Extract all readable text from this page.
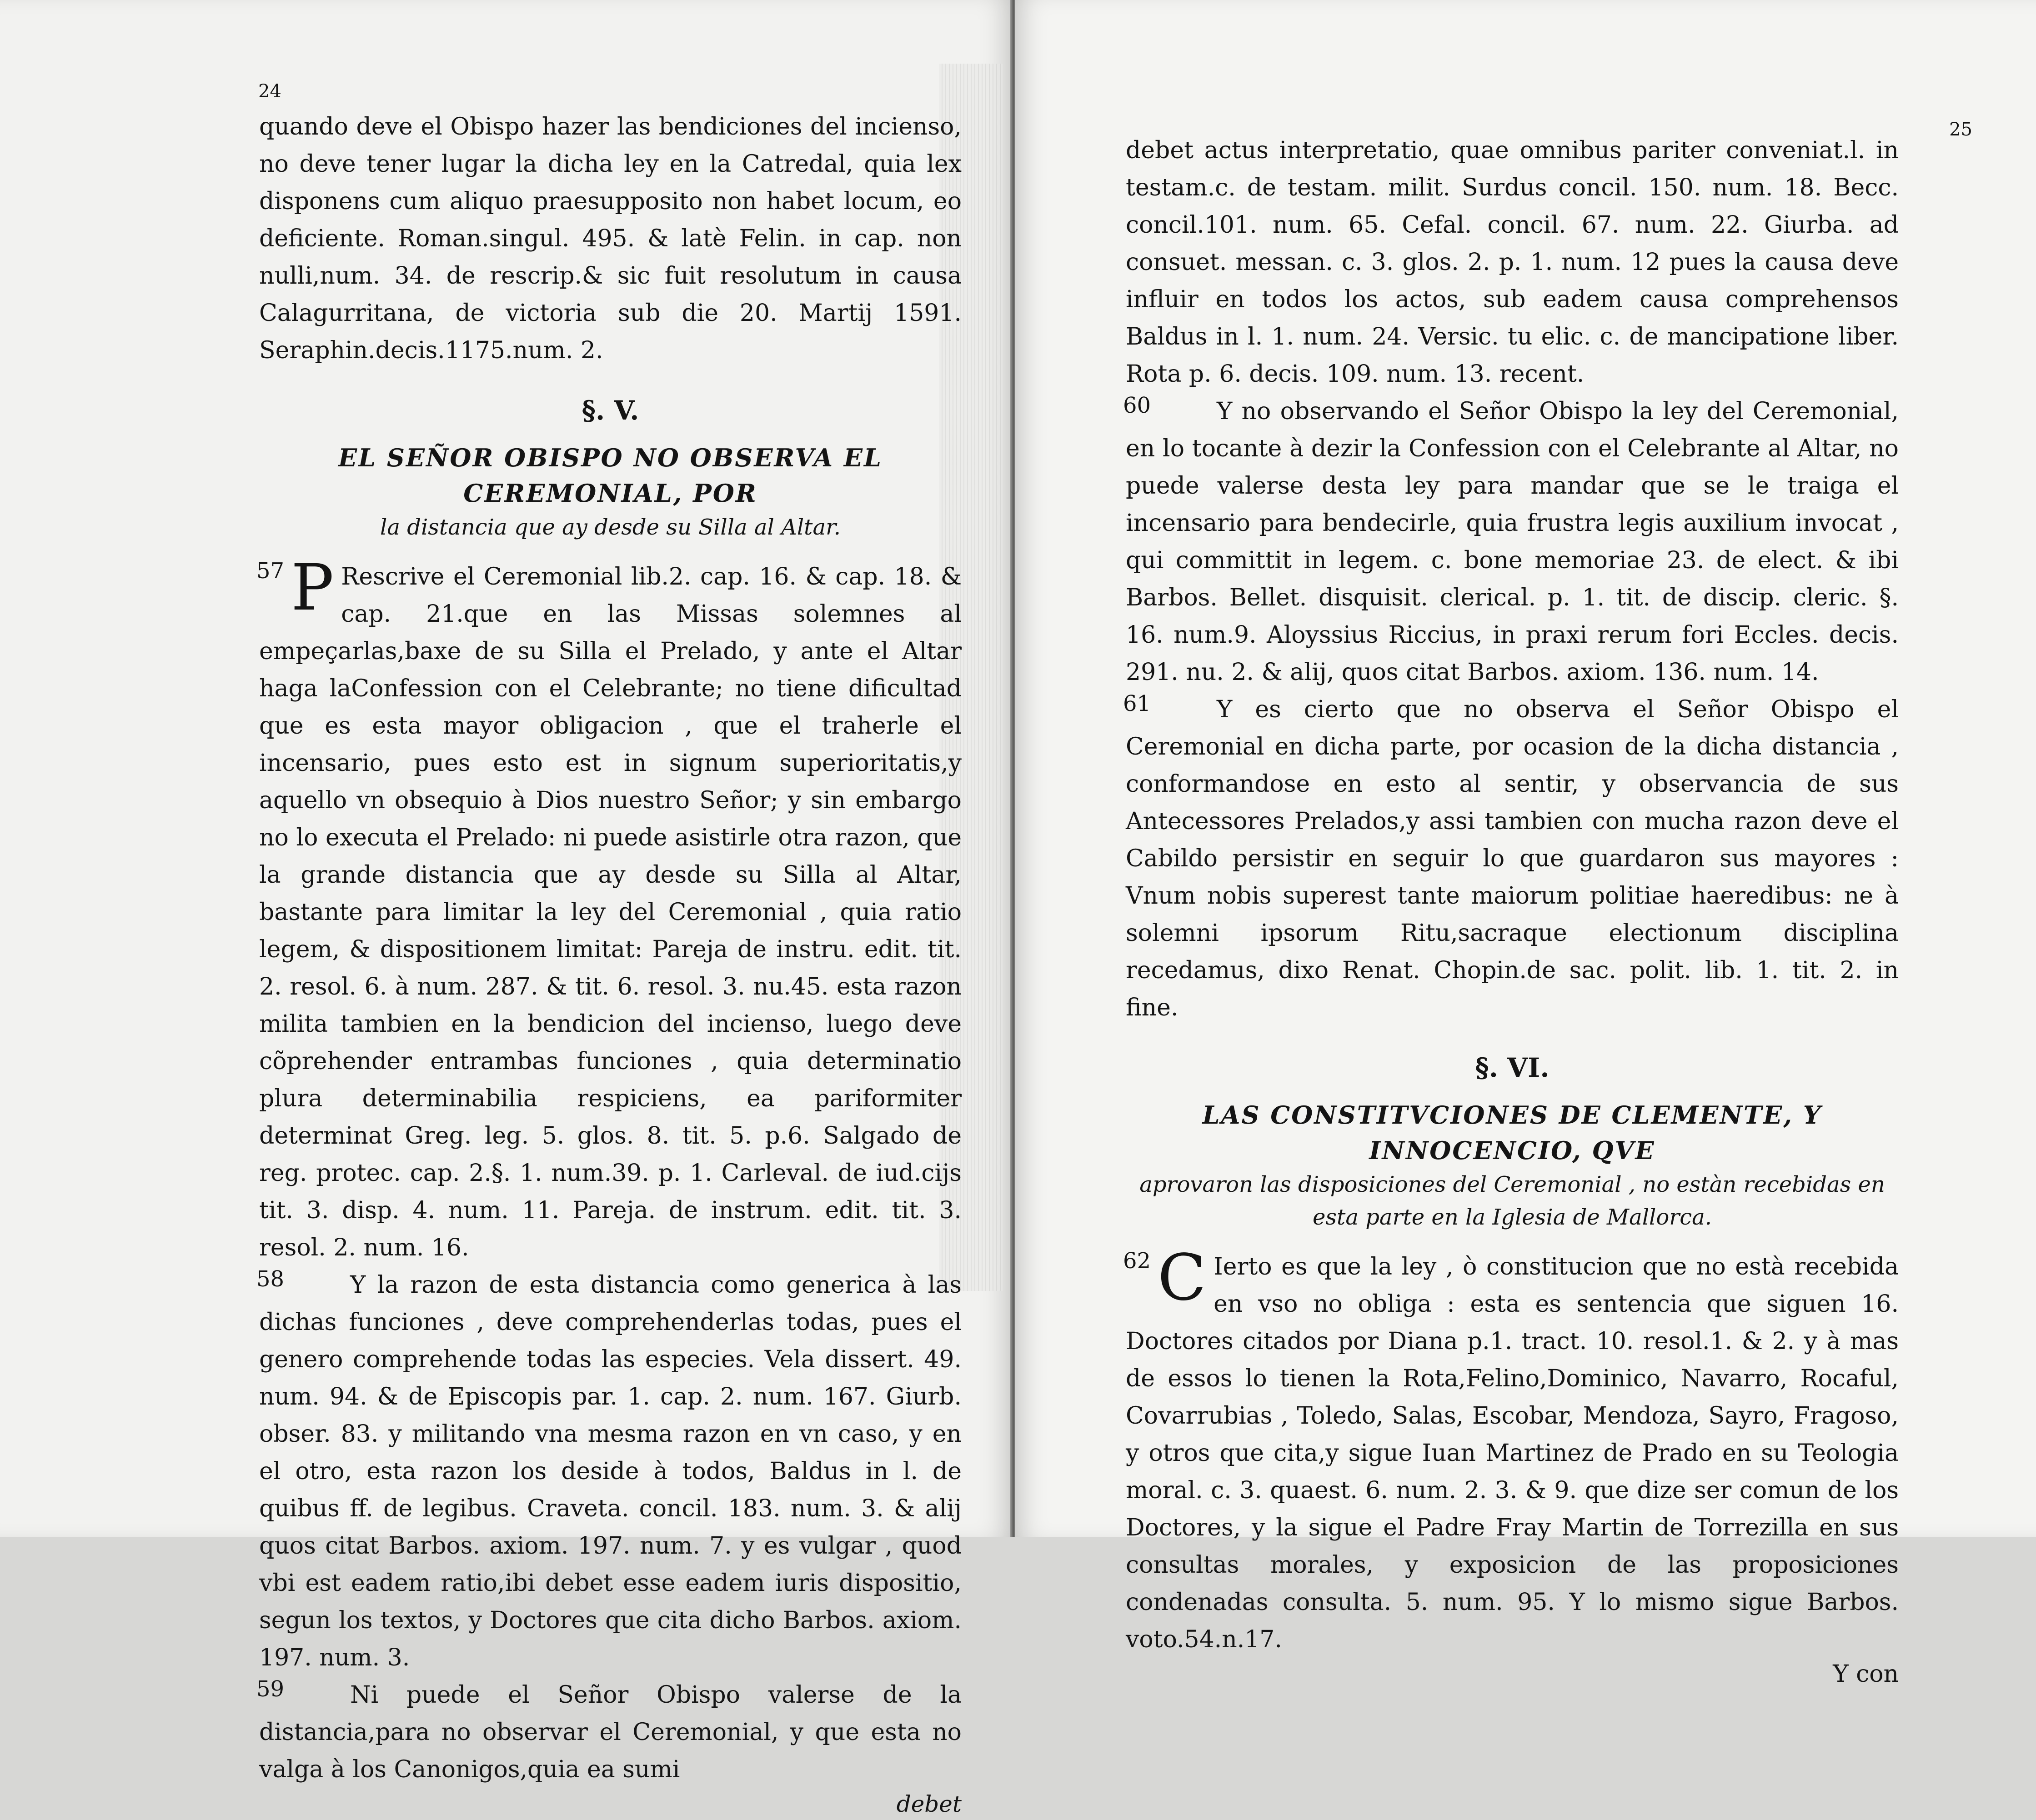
24

quando deve el Obispo hazer las bendiciones del incienso, no deve tener lugar la dicha ley en la Catredal, quia lex disponens cum aliquo praesupposito non habet locum, eo deficiente. Roman.singul. 495. & latè Felin. in cap. non nulli,num. 34. de rescrip.& sic fuit resolutum in causa Calagurritana, de victoria sub die 20. Martij 1591. Seraphin.decis.1175.num. 2.

§. V.
EL SEÑOR OBISPO NO OBSERVA EL CEREMONIAL, POR
la distancia que ay desde su Silla al Altar.
57 P Rescrive el Ceremonial lib.2. cap. 16. & cap. 18. & cap. 21.que en las Missas solemnes al empeçarlas,baxe de su Silla el Prelado, y ante el Altar haga laConfession con el Celebrante; no tiene dificultad que es esta mayor obligacion , que el traherle el incensario, pues esto est in signum superioritatis,y aquello vn obsequio à Dios nuestro Señor; y sin embargo no lo executa el Prelado: ni puede asistirle otra razon, que la grande distancia que ay desde su Silla al Altar, bastante para limitar la ley del Ceremonial , quia ratio legem, & dispositionem limitat: Pareja de instru. edit. tit. 2. resol. 6. à num. 287. & tit. 6. resol. 3. nu.45. esta razon milita tambien en la bendicion del incienso, luego deve cõprehender entrambas funciones , quia determinatio plura determinabilia respiciens, ea pariformiter determinat Greg. leg. 5. glos. 8. tit. 5. p.6. Salgado de reg. protec. cap. 2.§. 1. num.39. p. 1. Carleval. de iud.cijs tit. 3. disp. 4. num. 11. Pareja. de instrum. edit. tit. 3. resol. 2. num. 16.

58	Y la razon de esta distancia como generica à las dichas funciones , deve comprehenderlas todas, pues el genero comprehende todas las especies. Vela dissert. 49. num. 94. & de Episcopis par. 1. cap. 2. num. 167. Giurb. obser. 83. y militando vna mesma razon en vn caso, y en el otro, esta razon los deside à todos, Baldus in l. de quibus ff. de legibus. Craveta. concil. 183. num. 3. & alij quos citat Barbos. axiom. 197. num. 7. y es vulgar , quod vbi est eadem ratio,ibi debet esse eadem iuris dispositio, segun los textos, y Doctores que cita dicho Barbos. axiom. 197. num. 3.

59	Ni puede el Señor Obispo valerse de la distancia,para no observar el Ceremonial, y que esta no valga à los Canonigos,quia ea sumi

debet
25

debet actus interpretatio, quae omnibus pariter conveniat.l. in testam.c. de testam. milit. Surdus concil. 150. num. 18. Becc. concil.101. num. 65. Cefal. concil. 67. num. 22. Giurba. ad consuet. messan. c. 3. glos. 2. p. 1. num. 12 pues la causa deve influir en todos los actos, sub eadem causa comprehensos Baldus in l. 1. num. 24. Versic. tu elic. c. de mancipatione liber. Rota p. 6. decis. 109. num. 13. recent.

60	Y no observando el Señor Obispo la ley del Ceremonial, en lo tocante à dezir la Confession con el Celebrante al Altar, no puede valerse desta ley para mandar que se le traiga el incensario para bendecirle, quia frustra legis auxilium invocat , qui committit in legem. c. bone memoriae 23. de elect. & ibi Barbos. Bellet. disquisit. clerical. p. 1. tit. de discip. cleric. §. 16. num.9. Aloyssius Riccius, in praxi rerum fori Eccles. decis. 291. nu. 2. & alij, quos citat Barbos. axiom. 136. num. 14.

61	Y es cierto que no observa el Señor Obispo el Ceremonial en dicha parte, por ocasion de la dicha distancia , conformandose en esto al sentir, y observancia de sus Antecessores Prelados,y assi tambien con mucha razon deve el Cabildo persistir en seguir lo que guardaron sus mayores : Vnum nobis superest tante maiorum politiae haeredibus: ne à solemni ipsorum Ritu,sacraque electionum disciplina recedamus, dixo Renat. Chopin.de sac. polit. lib. 1. tit. 2. in fine.

§. VI.
LAS CONSTITVCIONES DE CLEMENTE, Y INNOCENCIO, QVE
aprovaron las disposiciones del Ceremonial , no estàn recebidas en esta parte en la Iglesia de Mallorca.
62 C Ierto es que la ley , ò constitucion que no està recebida en vso no obliga : esta es sentencia que siguen 16. Doctores citados por Diana p.1. tract. 10. resol.1. & 2. y à mas de essos lo tienen la Rota,Felino,Dominico, Navarro, Rocaful, Covarrubias , Toledo, Salas, Escobar, Mendoza, Sayro, Fragoso, y otros que cita,y sigue Iuan Martinez de Prado en su Teologia moral. c. 3. quaest. 6. num. 2. 3. & 9. que dize ser comun de los Doctores, y la sigue el Padre Fray Martin de Torrezilla en sus consultas morales, y exposicion de las proposiciones condenadas consulta. 5. num. 95. Y lo mismo sigue Barbos. voto.54.n.17.

Y con
